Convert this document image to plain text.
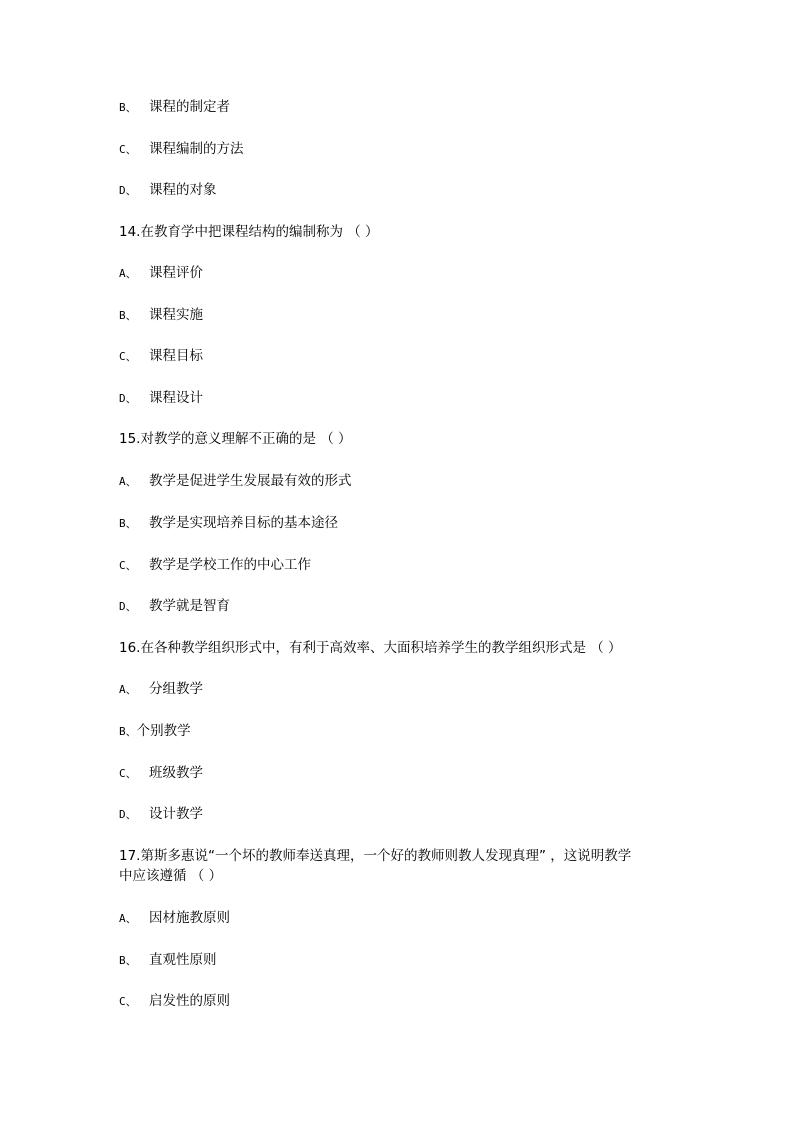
B、 课程的制定者
C、 课程编制的方法
D、 课程的对象
14.在教育学中把课程结构的编制称为 （ ）
A、 课程评价
B、 课程实施
C、 课程目标
D、 课程设计
15.对教学的意义理解不正确的是 （ ）
A、 教学是促进学生发展最有效的形式
B、 教学是实现培养目标的基本途径
C、 教学是学校工作的中心工作
D、 教学就是智育
16.在各种教学组织形式中，有利于高效率、大面积培养学生的教学组织形式是 （ ）
A、 分组教学
B、个别教学
C、 班级教学
D、 设计教学
17.第斯多惠说“一个坏的教师奉送真理，一个好的教师则教人发现真理” ，这说明教学
中应该遵循 （ ）
A、 因材施教原则
B、 直观性原则
C、 启发性的原则
